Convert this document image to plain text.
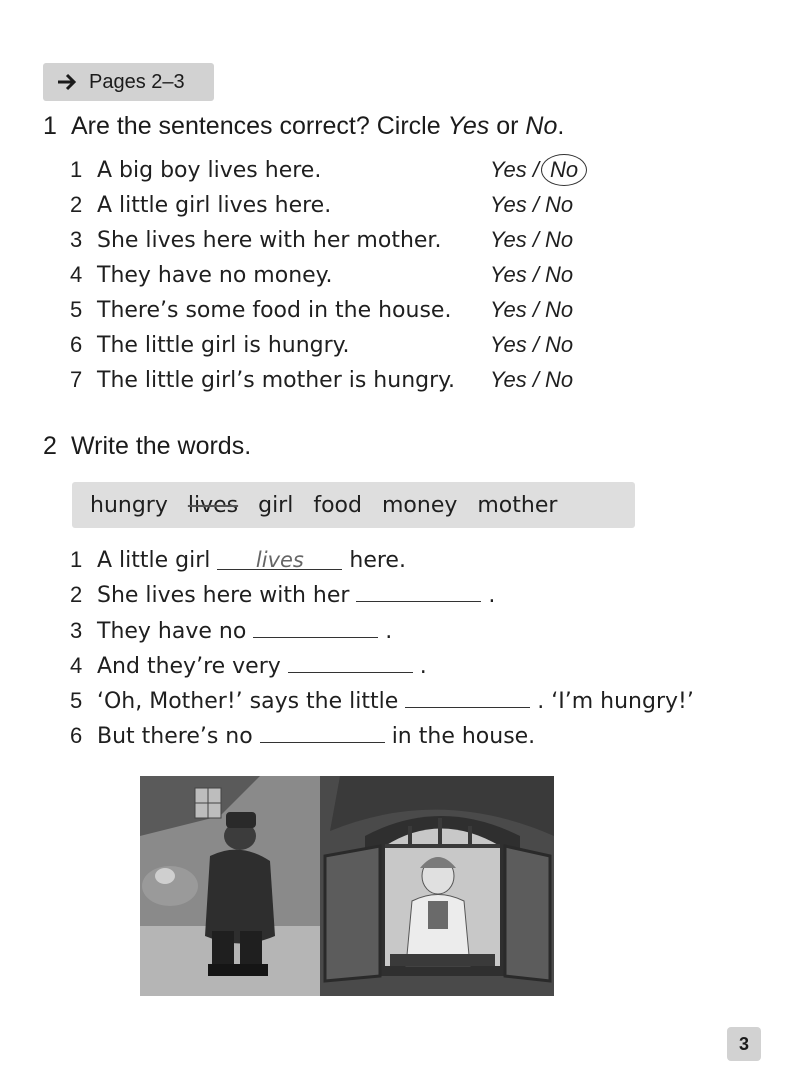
Pages 2–3
1 Are the sentences correct? Circle Yes or No.
1 A big boy lives here.	Yes / No
2 A little girl lives here.	Yes / No
3 She lives here with her mother. Yes / No
4 They have no money.	Yes / No
5 There’s some food in the house. Yes / No
6 The little girl is hungry.	Yes / No
7 The little girl’s mother is hungry. Yes / No
2 Write the words.
hungry lives girl food money mother
1 A little girl lives here.
2 She lives here with her	.
3 They have no	.
4 And they’re very	.
5 ‘Oh, Mother!’ says the little	. ‘I’m hungry!’
6 But there’s no	in the house.
3
